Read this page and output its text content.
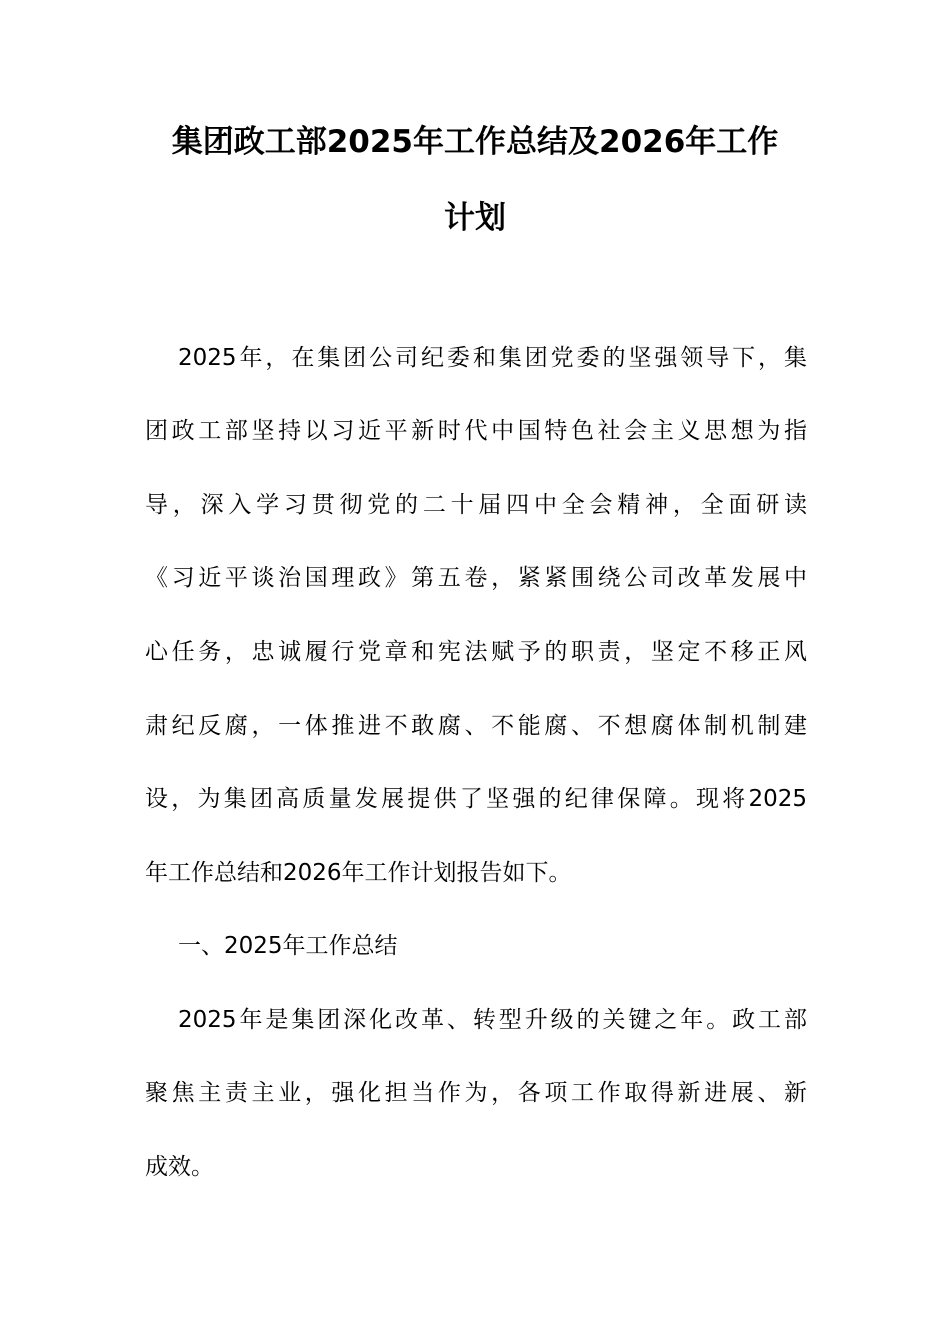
集团政工部2025年工作总结及2026年工作
计划
2025年，在集团公司纪委和集团党委的坚强领导下，集
团政工部坚持以习近平新时代中国特色社会主义思想为指
导，深入学习贯彻党的二十届四中全会精神，全面研读
《习近平谈治国理政》第五卷，紧紧围绕公司改革发展中
心任务，忠诚履行党章和宪法赋予的职责，坚定不移正风
肃纪反腐，一体推进不敢腐、不能腐、不想腐体制机制建
设，为集团高质量发展提供了坚强的纪律保障。现将2025
年工作总结和2026年工作计划报告如下。
一、2025年工作总结
2025年是集团深化改革、转型升级的关键之年。政工部
聚焦主责主业，强化担当作为，各项工作取得新进展、新
成效。
